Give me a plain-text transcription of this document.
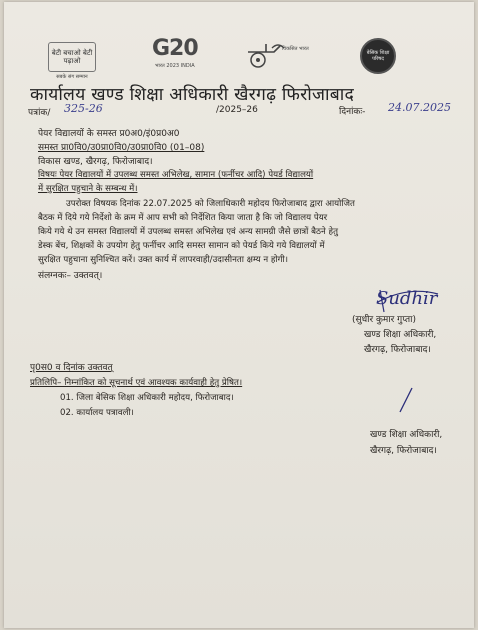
बेटी बचाओ बेटी पढ़ाओ
सबके संग सम्मान
G20
भारत 2023 INDIA
विकसित भारत
बेसिक शिक्षा परिषद
कार्यालय खण्ड शिक्षा अधिकारी खैरगढ़ फिरोजाबाद
पत्रांक/ 325-26	/2025–26	दिनांकः- 24.07.2025
पेयर विद्यालयों के समस्त प्र0अ0/इं0प्र0अ0
समस्त प्रा0वि0/उ0प्रा0वि0/उ0प्रा0वि0 (01–08)
विकास खण्ड, खैरगढ़, फिरोजाबाद।
विषयः पेयर विद्यालयों में उपलब्ध समस्त अभिलेख, सामान (फर्नीचर आदि) पेयर्ड विद्यालयों
में सुरक्षित पहुचाने के सम्बन्ध में।
उपरोक्त विषयक दिनांक 22.07.2025 को जिलाधिकारी महोदय फिरोजाबाद द्वारा आयोजित
बैठक में दिये गये निर्देशो के क्रम में आप सभी को निर्देशित किया जाता है कि जो विद्यालय पेयर
किये गये थे उन समस्त विद्यालयों में उपलब्ध समस्त अभिलेख एवं अन्य सामग्री जैसे छात्रों बैठने हेतु
डेस्क बेंच, शिक्षकों के उपयोग हेतु फर्नीचर आदि समस्त सामान को पेयर्ड किये गये विद्यालयों में
सुरक्षित पहुचाना सुनिश्चित करें। उक्त कार्य में लापरवाही/उदासीनता क्षम्य न होगी।
संलग्नकः– उक्तवत्।
Sudhir
(सुधीर कुमार गुप्ता)
खण्ड शिक्षा अधिकारी,
खैरगढ़, फिरोजाबाद।
पृ0स0 व दिनांक उक्तवत्
प्रतिलिपि– निम्नांकित को सूचनार्थ एवं आवश्यक कार्यवाही हेतु प्रेषित।
01. जिला बेसिक शिक्षा अधिकारी महोदय, फिरोजाबाद।
02. कार्यालय पत्रावली।
खण्ड शिक्षा अधिकारी,
खैरगढ़, फिरोजाबाद।
